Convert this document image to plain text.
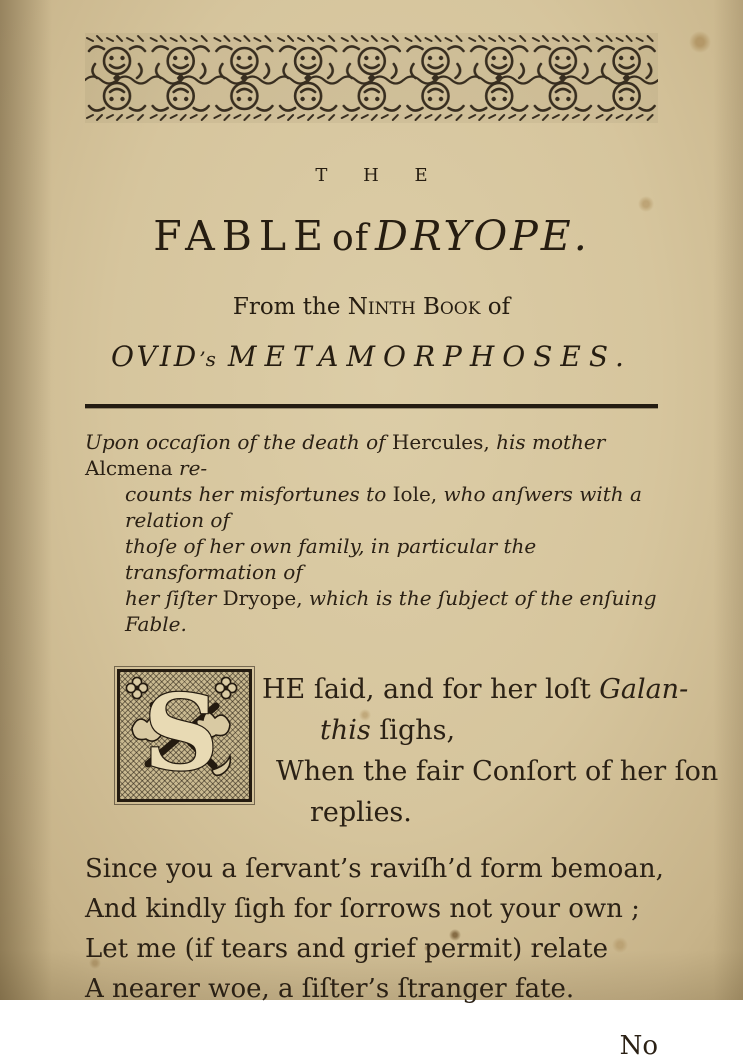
T H E
FABLEof DRYOPE.
From the NINTH BOOK of
OVID’s METAMORPHOSES.
Upon occaſion of the death of Hercules, his mother Alcmena re-
counts her misfortunes to Iole, who anſwers with a relation of
thoſe of her own family, in particular the transformation of
her ſiſter Dryope, which is the ſubject of the enſuing Fable.
S HE ſaid, and for her loſt Galan-
this ſighs,
When the fair Conſort of her ſon
replies.
Since you a ſervant’s raviſh’d form bemoan,
And kindly ſigh for ſorrows not your own ;
Let me (if tears and grief permit) relate
A nearer woe, a ſiſter’s ſtranger fate.
No
